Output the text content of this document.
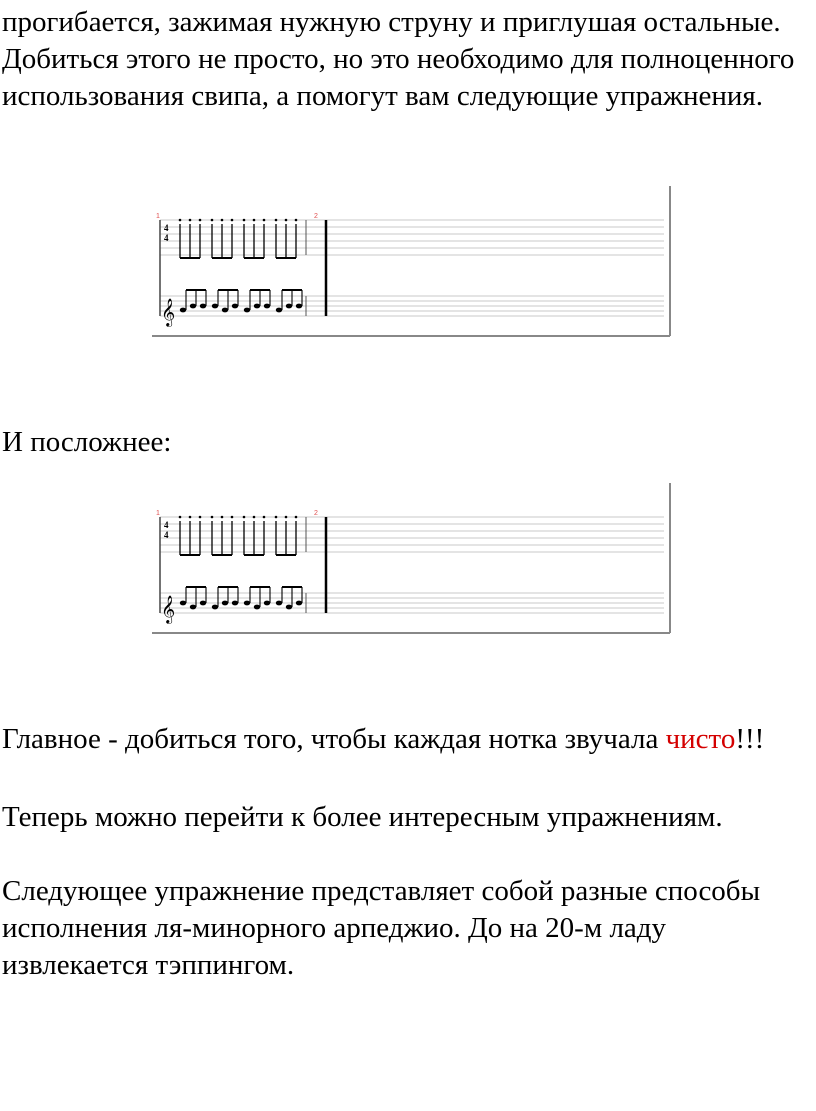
прогибается, зажимая нужную струну и приглушая остальные. Добиться этого не просто, но это необходимо для полноценного использования свипа, а помогут вам следующие упражнения.

1	2
4
4
𝄞

И посложнее:

1	2
4
4
𝄞

Главное - добиться того, чтобы каждая нотка звучала чисто!!!

Теперь можно перейти к более интересным упражнениям.

Следующее упражнение представляет собой разные способы исполнения ля-минорного арпеджио. До на 20-м ладу извлекается тэппингом.
